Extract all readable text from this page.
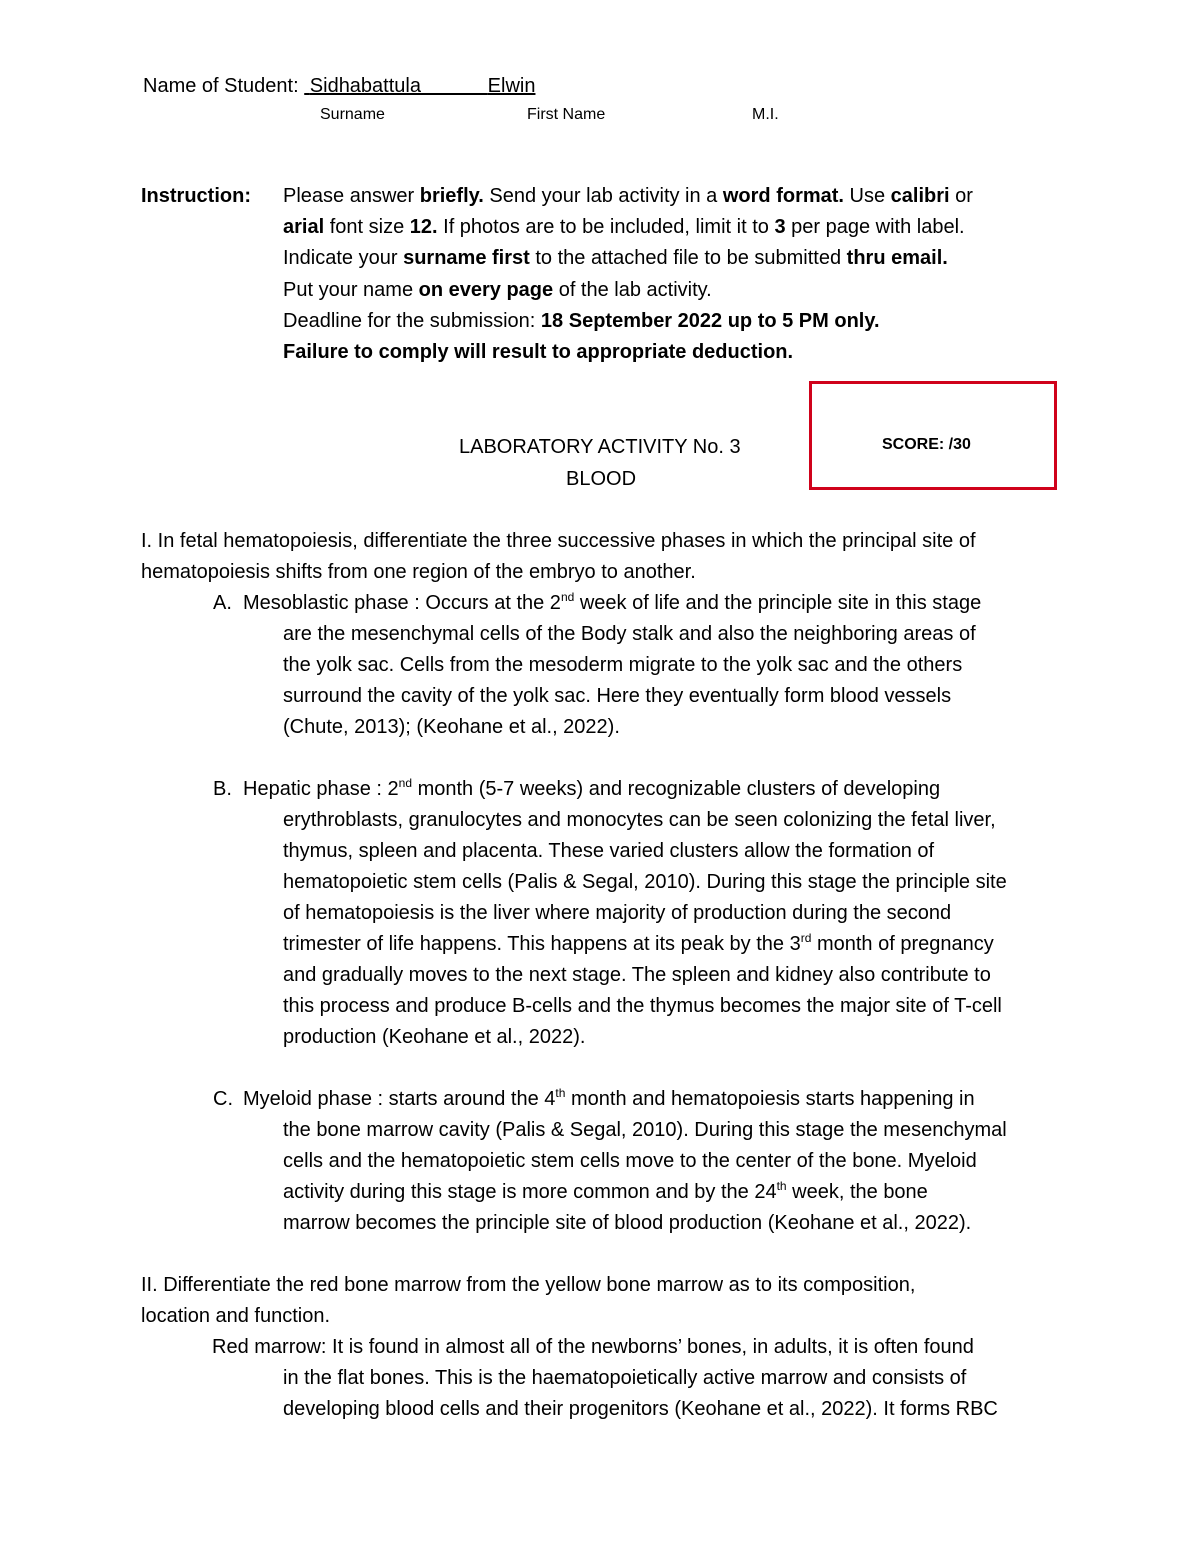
Name of Student: Sidhabattula	Elwin
Surname	First Name	M.I.
Instruction: Please answer briefly. Send your lab activity in a word format. Use calibri or
arial font size 12. If photos are to be included, limit it to 3 per page with label.
Indicate your surname first to the attached file to be submitted thru email.
Put your name on every page of the lab activity.
Deadline for the submission: 18 September 2022 up to 5 PM only.
Failure to comply will result to appropriate deduction.
LABORATORY ACTIVITY No. 3
BLOOD
SCORE: /30
I. In fetal hematopoiesis, differentiate the three successive phases in which the principal site of
hematopoiesis shifts from one region of the embryo to another.
A. Mesoblastic phase : Occurs at the 2nd week of life and the principle site in this stage
are the mesenchymal cells of the Body stalk and also the neighboring areas of
the yolk sac. Cells from the mesoderm migrate to the yolk sac and the others
surround the cavity of the yolk sac. Here they eventually form blood vessels
(Chute, 2013); (Keohane et al., 2022).
B. Hepatic phase : 2nd month (5-7 weeks) and recognizable clusters of developing
erythroblasts, granulocytes and monocytes can be seen colonizing the fetal liver,
thymus, spleen and placenta. These varied clusters allow the formation of
hematopoietic stem cells (Palis & Segal, 2010). During this stage the principle site
of hematopoiesis is the liver where majority of production during the second
trimester of life happens. This happens at its peak by the 3rd month of pregnancy
and gradually moves to the next stage. The spleen and kidney also contribute to
this process and produce B-cells and the thymus becomes the major site of T-cell
production (Keohane et al., 2022).
C. Myeloid phase : starts around the 4th month and hematopoiesis starts happening in
the bone marrow cavity (Palis & Segal, 2010). During this stage the mesenchymal
cells and the hematopoietic stem cells move to the center of the bone. Myeloid
activity during this stage is more common and by the 24th week, the bone
marrow becomes the principle site of blood production (Keohane et al., 2022).
II. Differentiate the red bone marrow from the yellow bone marrow as to its composition,
location and function.
Red marrow: It is found in almost all of the newborns’ bones, in adults, it is often found
in the flat bones. This is the haematopoietically active marrow and consists of
developing blood cells and their progenitors (Keohane et al., 2022). It forms RBC
